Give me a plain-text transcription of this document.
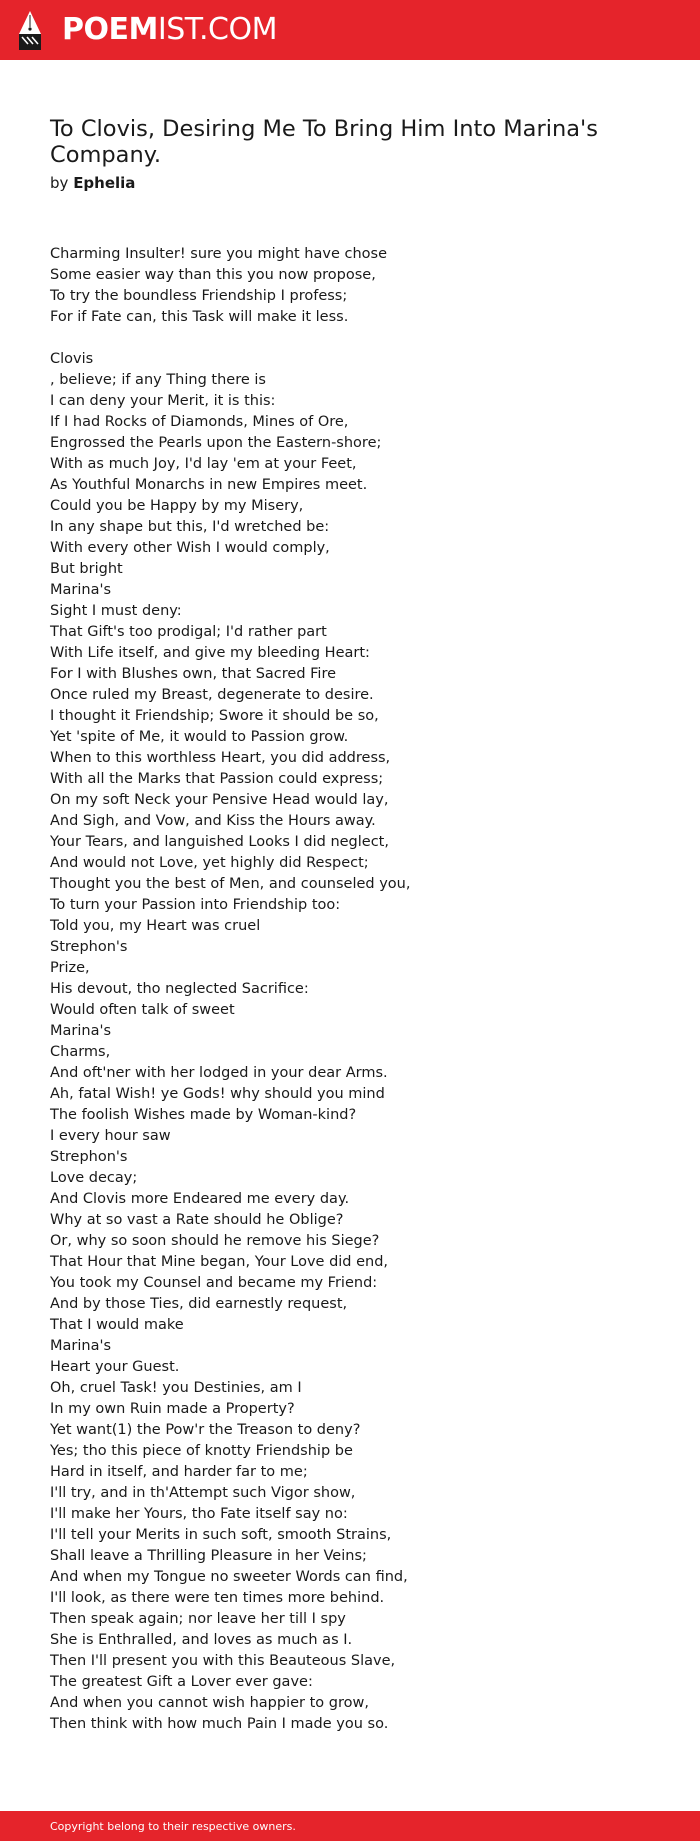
POEMIST.COM
To Clovis, Desiring Me To Bring Him Into Marina's Company.
by Ephelia
Charming Insulter! sure you might have chose
Some easier way than this you now propose,
To try the boundless Friendship I profess;
For if Fate can, this Task will make it less.
Clovis
, believe; if any Thing there is
I can deny your Merit, it is this:
If I had Rocks of Diamonds, Mines of Ore,
Engrossed the Pearls upon the Eastern-shore;
With as much Joy, I'd lay 'em at your Feet,
As Youthful Monarchs in new Empires meet.
Could you be Happy by my Misery,
In any shape but this, I'd wretched be:
With every other Wish I would comply,
But bright
Marina's
Sight I must deny:
That Gift's too prodigal; I'd rather part
With Life itself, and give my bleeding Heart:
For I with Blushes own, that Sacred Fire
Once ruled my Breast, degenerate to desire.
I thought it Friendship; Swore it should be so,
Yet 'spite of Me, it would to Passion grow.
When to this worthless Heart, you did address,
With all the Marks that Passion could express;
On my soft Neck your Pensive Head would lay,
And Sigh, and Vow, and Kiss the Hours away.
Your Tears, and languished Looks I did neglect,
And would not Love, yet highly did Respect;
Thought you the best of Men, and counseled you,
To turn your Passion into Friendship too:
Told you, my Heart was cruel
Strephon's
Prize,
His devout, tho neglected Sacrifice:
Would often talk of sweet
Marina's
Charms,
And oft'ner with her lodged in your dear Arms.
Ah, fatal Wish! ye Gods! why should you mind
The foolish Wishes made by Woman-kind?
I every hour saw
Strephon's
Love decay;
And Clovis more Endeared me every day.
Why at so vast a Rate should he Oblige?
Or, why so soon should he remove his Siege?
That Hour that Mine began, Your Love did end,
You took my Counsel and became my Friend:
And by those Ties, did earnestly request,
That I would make
Marina's
Heart your Guest.
Oh, cruel Task! you Destinies, am I
In my own Ruin made a Property?
Yet want(1) the Pow'r the Treason to deny?
Yes; tho this piece of knotty Friendship be
Hard in itself, and harder far to me;
I'll try, and in th'Attempt such Vigor show,
I'll make her Yours, tho Fate itself say no:
I'll tell your Merits in such soft, smooth Strains,
Shall leave a Thrilling Pleasure in her Veins;
And when my Tongue no sweeter Words can find,
I'll look, as there were ten times more behind.
Then speak again; nor leave her till I spy
She is Enthralled, and loves as much as I.
Then I'll present you with this Beauteous Slave,
The greatest Gift a Lover ever gave:
And when you cannot wish happier to grow,
Then think with how much Pain I made you so.
Copyright belong to their respective owners.
